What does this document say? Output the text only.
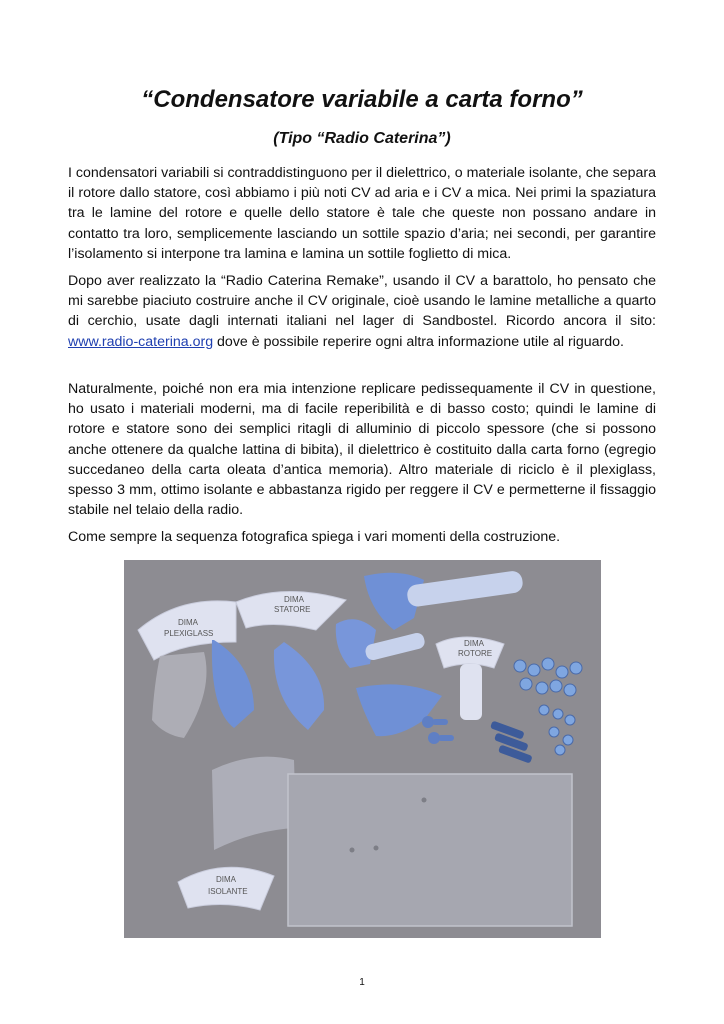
“Condensatore variabile a carta forno”
(Tipo “Radio Caterina”)

I condensatori variabili si contraddistinguono per il dielettrico, o materiale isolante, che separa il rotore dallo statore, così abbiamo i più noti CV ad aria e i CV a mica. Nei primi la spaziatura tra le lamine del rotore e quelle dello statore è tale che queste non possano andare in contatto tra loro, semplicemente lasciando un sottile spazio d’aria; nei secondi, per garantire l’isolamento si interpone tra lamina e lamina un sottile foglietto di mica.

Dopo aver realizzato la “Radio Caterina Remake”, usando il CV a barattolo, ho pensato che mi sarebbe piaciuto costruire anche il CV originale, cioè usando le lamine metalliche a quarto di cerchio, usate dagli internati italiani nel lager di Sandbostel. Ricordo ancora il sito: www.radio-caterina.org dove è possibile reperire ogni altra informazione utile al riguardo.

Naturalmente, poiché non era mia intenzione replicare pedissequamente il CV in questione, ho usato i materiali moderni, ma di facile reperibilità e di basso costo; quindi le lamine di rotore e statore sono dei semplici ritagli di alluminio di piccolo spessore (che si possono anche ottenere da qualche lattina di bibita), il dielettrico è costituito dalla carta forno (egregio succedaneo della carta oleata d’antica memoria). Altro materiale di riciclo è il plexiglass, spesso 3 mm, ottimo isolante e abbastanza rigido per reggere il CV e permetterne il fissaggio stabile nel telaio della radio.

Come sempre la sequenza fotografica spiega i vari momenti della costruzione.

DIMA
PLEXIGLASS
DIMA
STATORE
DIMA
ROTORE
DIMA
ISOLANTE
1
